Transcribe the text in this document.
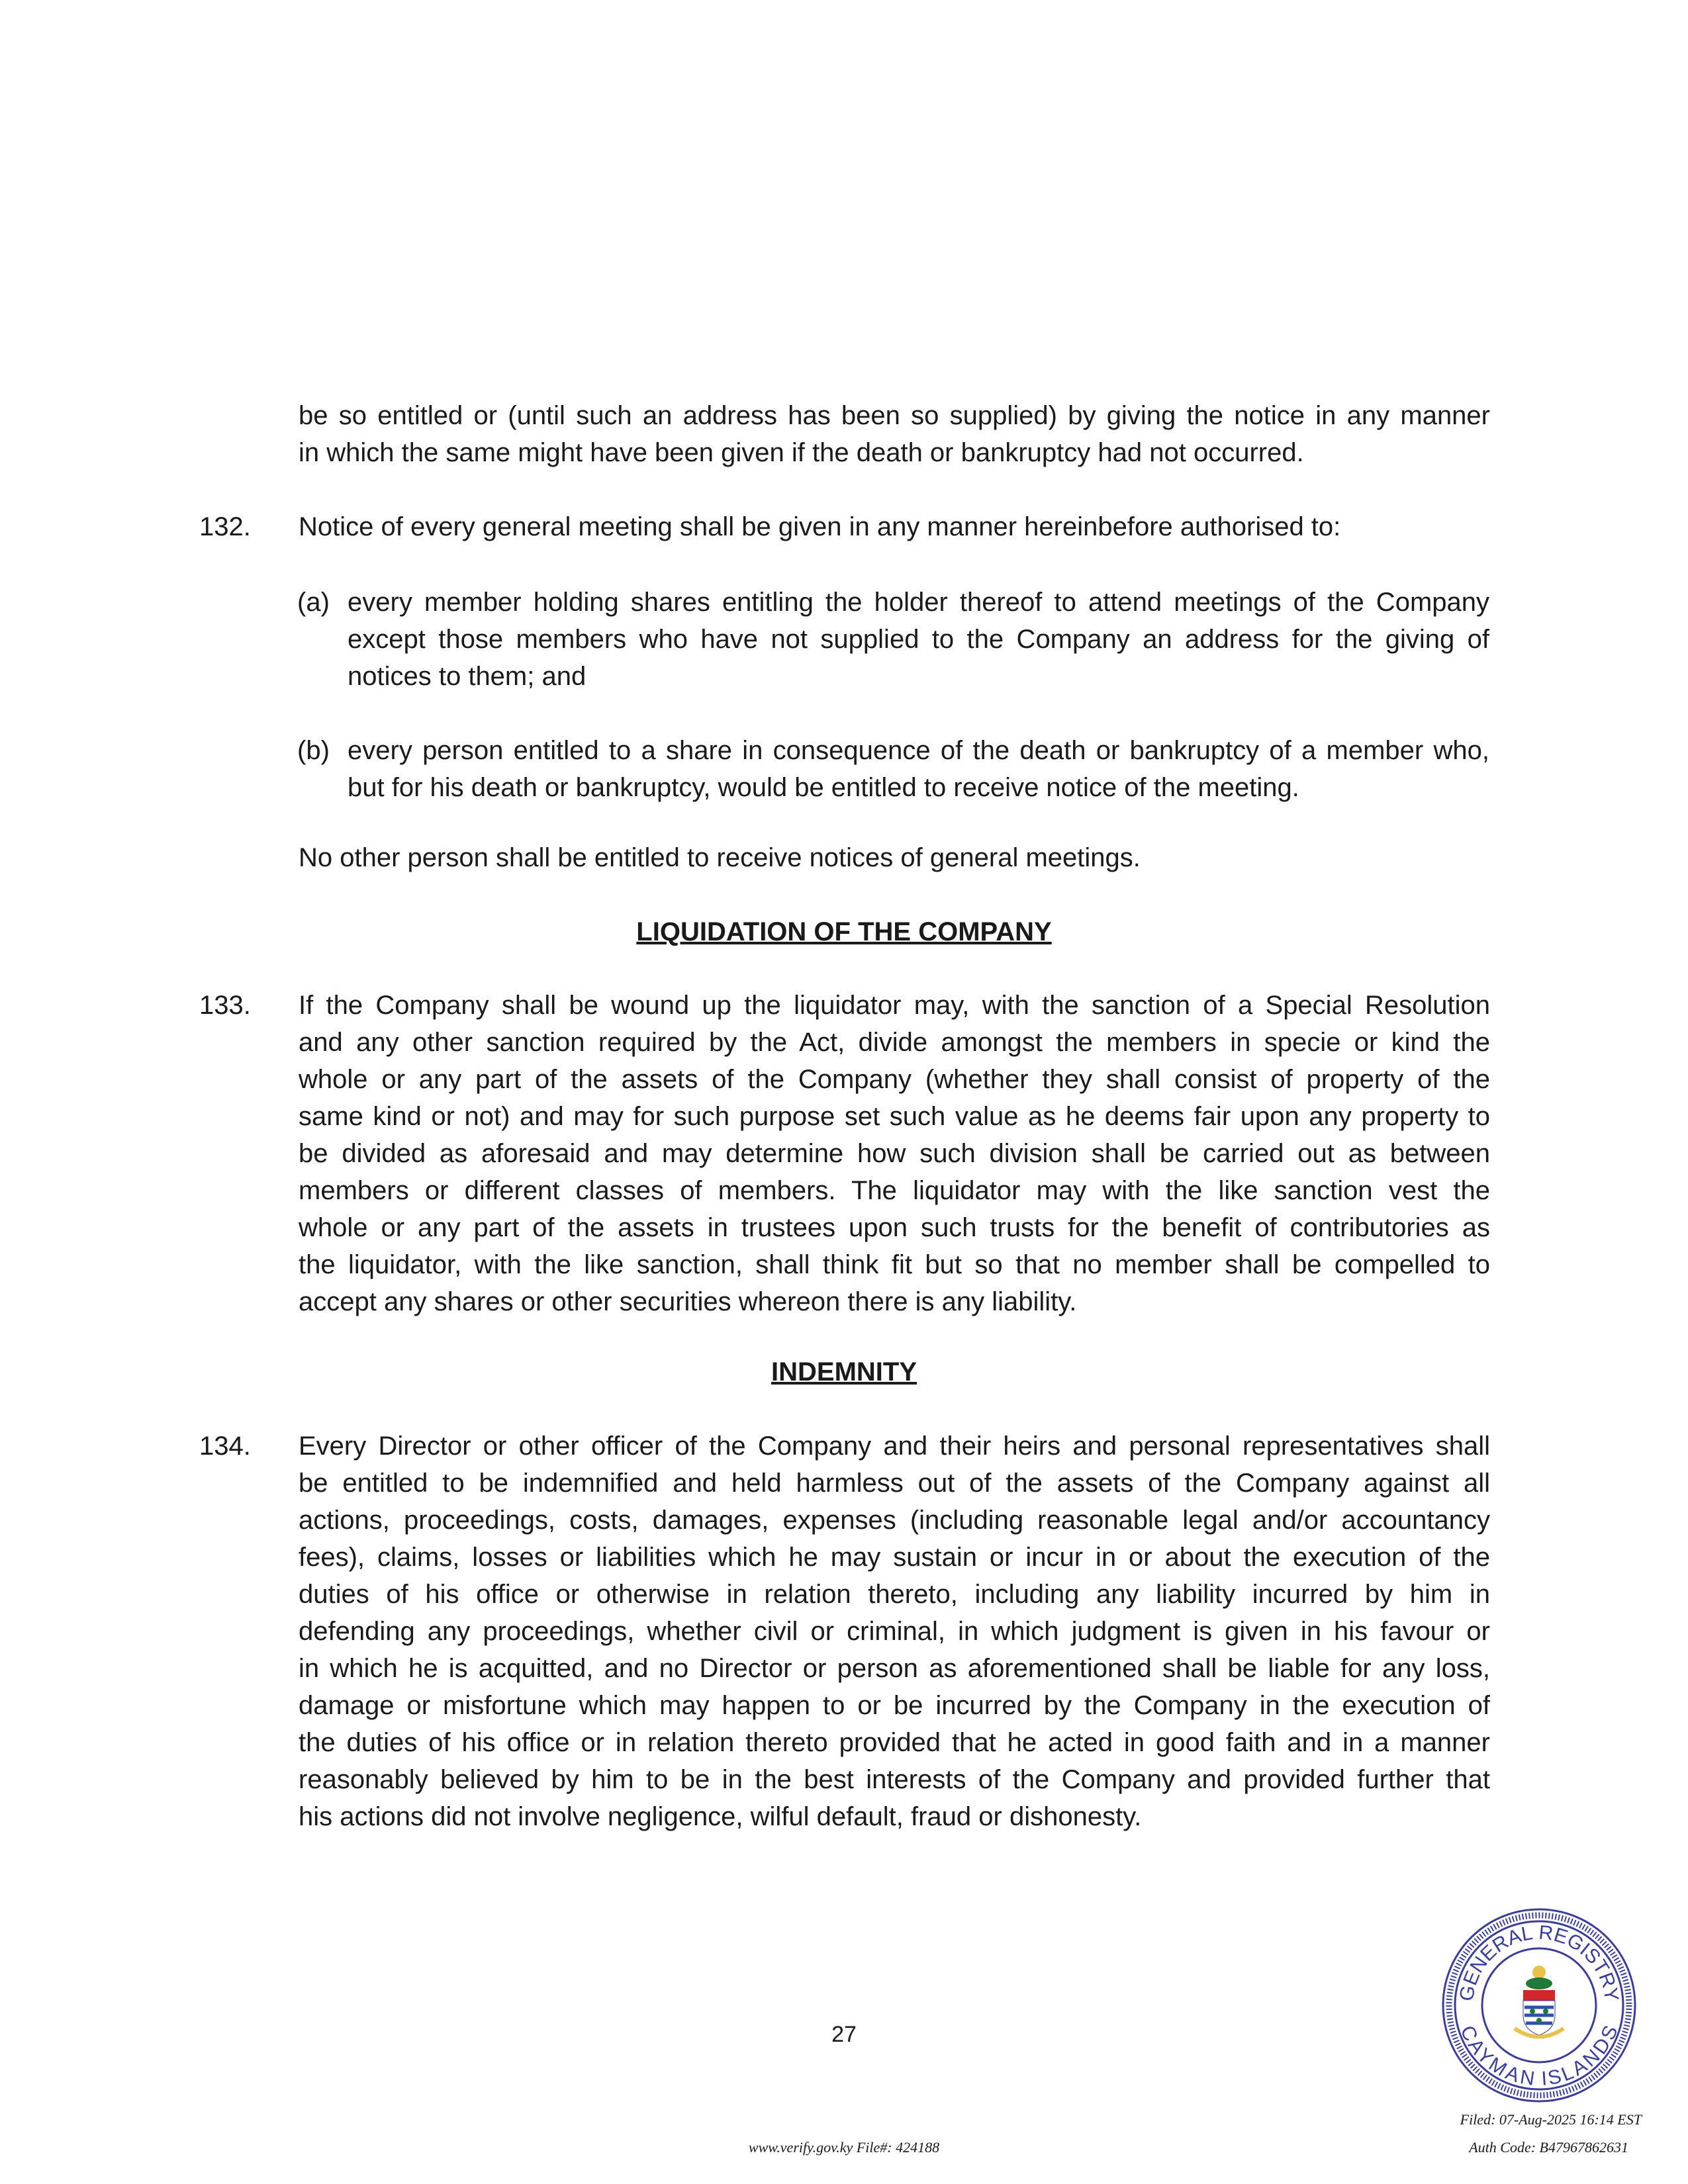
be so entitled or (until such an address has been so supplied) by giving the notice in any manner
in which the same might have been given if the death or bankruptcy had not occurred.
132. Notice of every general meeting shall be given in any manner hereinbefore authorised to:
(a) every member holding shares entitling the holder thereof to attend meetings of the Company
except those members who have not supplied to the Company an address for the giving of
notices to them; and
(b) every person entitled to a share in consequence of the death or bankruptcy of a member who,
but for his death or bankruptcy, would be entitled to receive notice of the meeting.
No other person shall be entitled to receive notices of general meetings.
LIQUIDATION OF THE COMPANY
133. If the Company shall be wound up the liquidator may, with the sanction of a Special Resolution
and any other sanction required by the Act, divide amongst the members in specie or kind the
whole or any part of the assets of the Company (whether they shall consist of property of the
same kind or not) and may for such purpose set such value as he deems fair upon any property to
be divided as aforesaid and may determine how such division shall be carried out as between
members or different classes of members. The liquidator may with the like sanction vest the
whole or any part of the assets in trustees upon such trusts for the benefit of contributories as
the liquidator, with the like sanction, shall think fit but so that no member shall be compelled to
accept any shares or other securities whereon there is any liability.
INDEMNITY
134. Every Director or other officer of the Company and their heirs and personal representatives shall
be entitled to be indemnified and held harmless out of the assets of the Company against all
actions, proceedings, costs, damages, expenses (including reasonable legal and/or accountancy
fees), claims, losses or liabilities which he may sustain or incur in or about the execution of the
duties of his office or otherwise in relation thereto, including any liability incurred by him in
defending any proceedings, whether civil or criminal, in which judgment is given in his favour or
in which he is acquitted, and no Director or person as aforementioned shall be liable for any loss,
damage or misfortune which may happen to or be incurred by the Company in the execution of
the duties of his office or in relation thereto provided that he acted in good faith and in a manner
reasonably believed by him to be in the best interests of the Company and provided further that
his actions did not involve negligence, wilful default, fraud or dishonesty.
27
GENERAL REGISTRY
CAYMAN ISLANDS
Filed: 07-Aug-2025 16:14 EST
Auth Code: B47967862631
www.verify.gov.ky File#: 424188
